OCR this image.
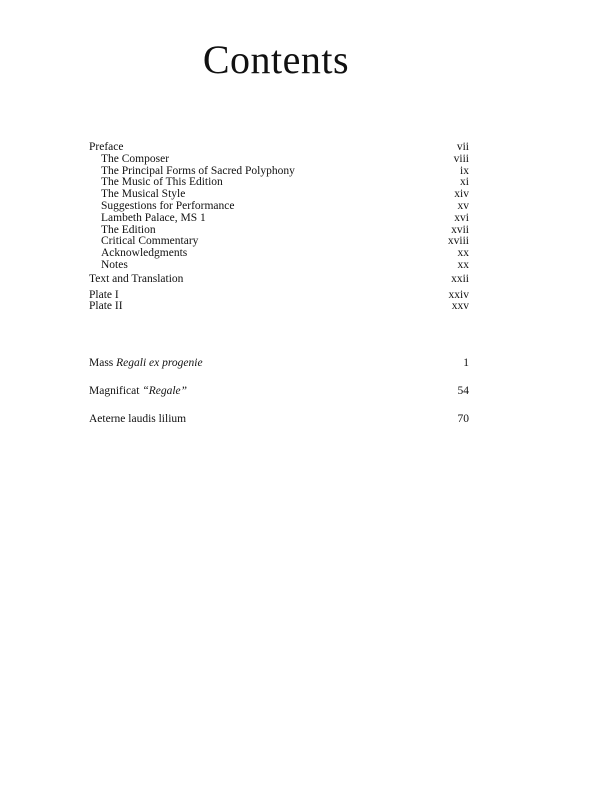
Contents
Preface	vii
The Composer	viii
The Principal Forms of Sacred Polyphony	ix
The Music of This Edition	xi
The Musical Style	xiv
Suggestions for Performance	xv
Lambeth Palace, MS 1	xvi
The Edition	xvii
Critical Commentary	xviii
Acknowledgments	xx
Notes	xx
Text and Translation	xxii
Plate I	xxiv
Plate II	xxv
Mass Regali ex progenie	1
Magnificat “Regale”	54
Aeterne laudis lilium	70
